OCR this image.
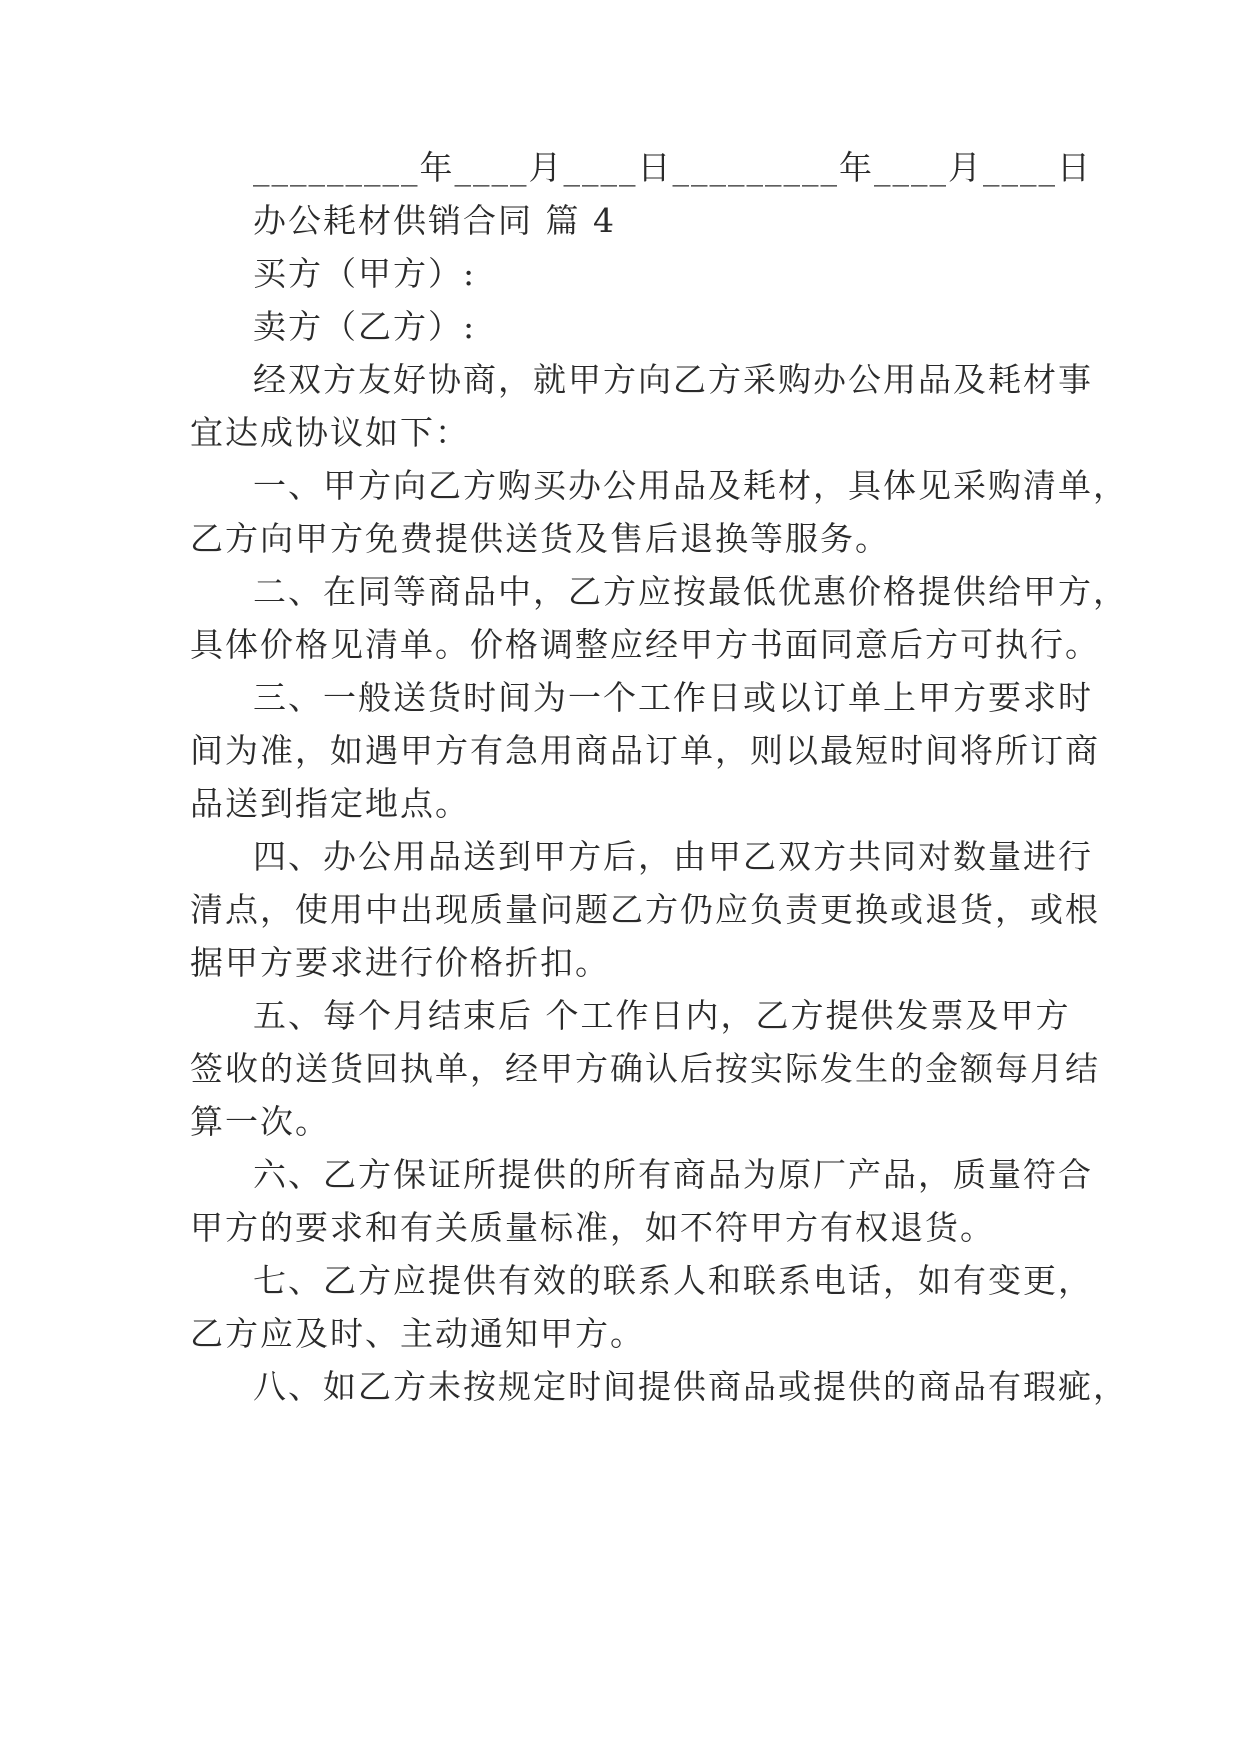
_________年____月____日_________年____月____日
办公耗材供销合同 篇 4
买方（甲方）:
卖方（乙方）:
经双方友好协商，就甲方向乙方采购办公用品及耗材事
宜达成协议如下：
一、甲方向乙方购买办公用品及耗材，具体见采购清单，
乙方向甲方免费提供送货及售后退换等服务。
二、在同等商品中，乙方应按最低优惠价格提供给甲方，
具体价格见清单。价格调整应经甲方书面同意后方可执行。
三、一般送货时间为一个工作日或以订单上甲方要求时
间为准，如遇甲方有急用商品订单，则以最短时间将所订商
品送到指定地点。
四、办公用品送到甲方后，由甲乙双方共同对数量进行
清点，使用中出现质量问题乙方仍应负责更换或退货，或根
据甲方要求进行价格折扣。
五、每个月结束后 个工作日内，乙方提供发票及甲方
签收的送货回执单，经甲方确认后按实际发生的金额每月结
算一次。
六、乙方保证所提供的所有商品为原厂产品，质量符合
甲方的要求和有关质量标准，如不符甲方有权退货。
七、乙方应提供有效的联系人和联系电话，如有变更，
乙方应及时、主动通知甲方。
八、如乙方未按规定时间提供商品或提供的商品有瑕疵，
